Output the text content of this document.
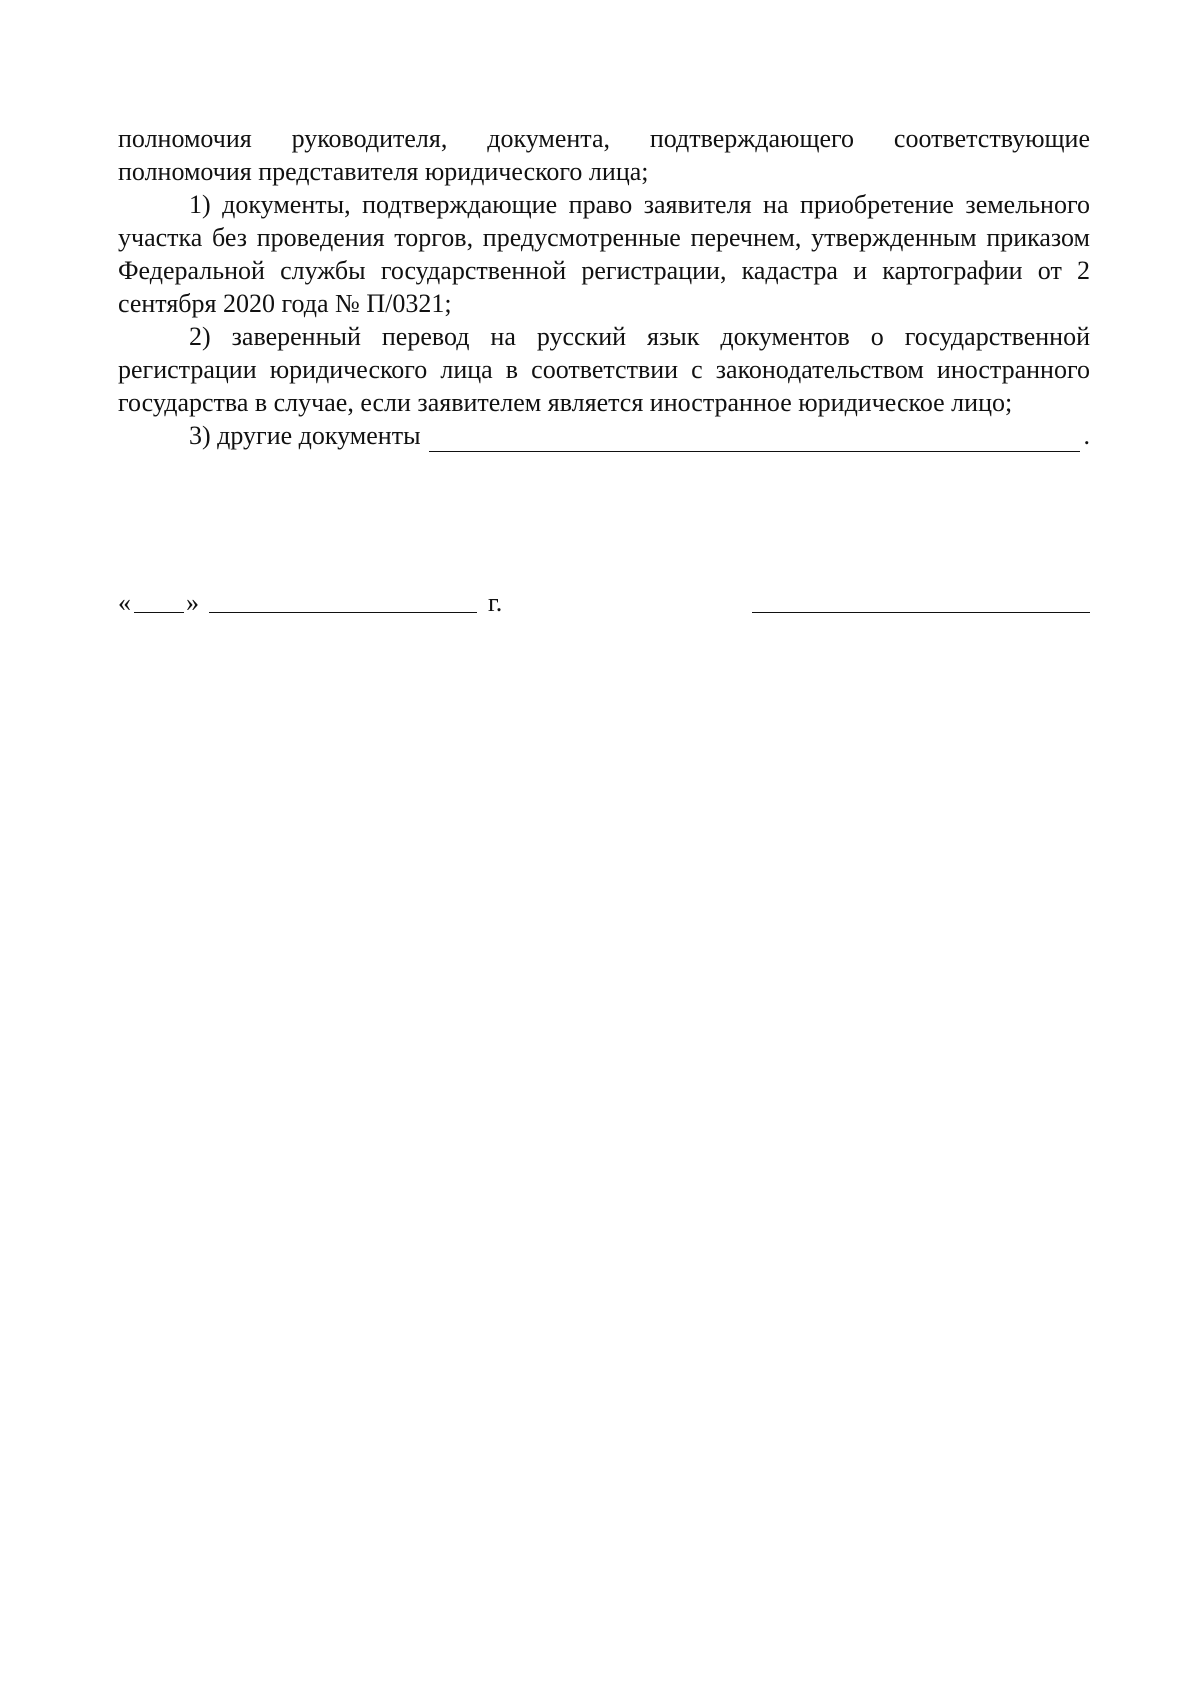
полномочия руководителя, документа, подтверждающего соответствующие полномочия представителя юридического лица;

1) документы, подтверждающие право заявителя на приобретение земельного участка без проведения торгов, предусмотренные перечнем, утвержденным приказом Федеральной службы государственной регистрации, кадастра и картографии от 2 сентября 2020 года № П/0321;

2) заверенный перевод на русский язык документов о государственной регистрации юридического лица в соответствии с законодательством иностранного государства в случае, если заявителем является иностранное юридическое лицо;

3) другие документы	.

« »	г.
